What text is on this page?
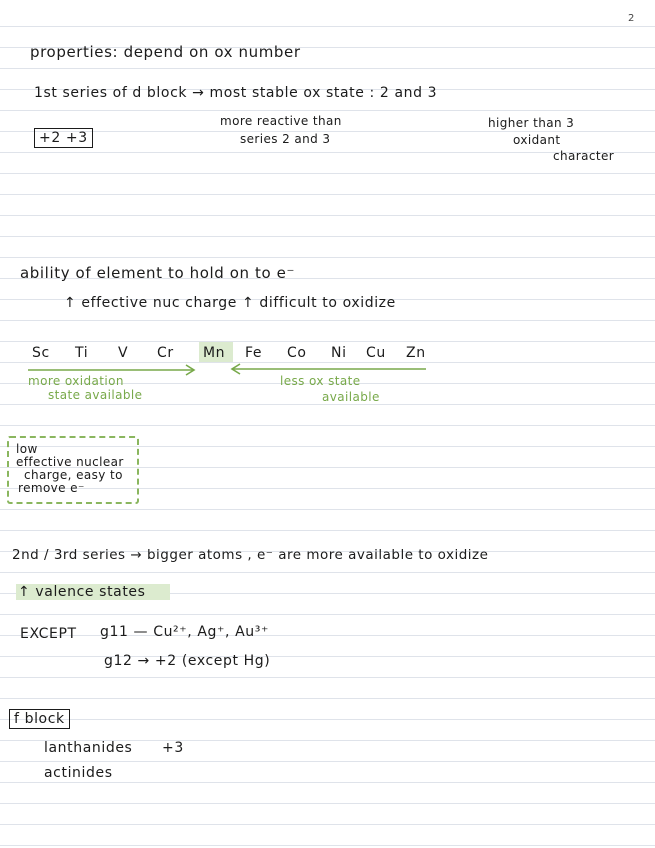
2
properties: depend on ox number
1st series of d block → most stable ox state : 2 and 3
+2 +3
more reactive than
series 2 and 3
higher than 3
oxidant
character
ability of element to hold on to e⁻
↑ effective nuc charge ↑ difficult to oxidize
Sc Ti V Cr Mn Fe Co Ni Cu Zn
more oxidation
state available
less ox state
available
low
effective nuclear
charge, easy to
remove e⁻
2nd / 3rd series → bigger atoms , e⁻ are more available to oxidize
↑ valence states
EXCEPT g11 — Cu²⁺, Ag⁺, Au³⁺
g12 → +2 (except Hg)
f block
lanthanides +3
actinides
